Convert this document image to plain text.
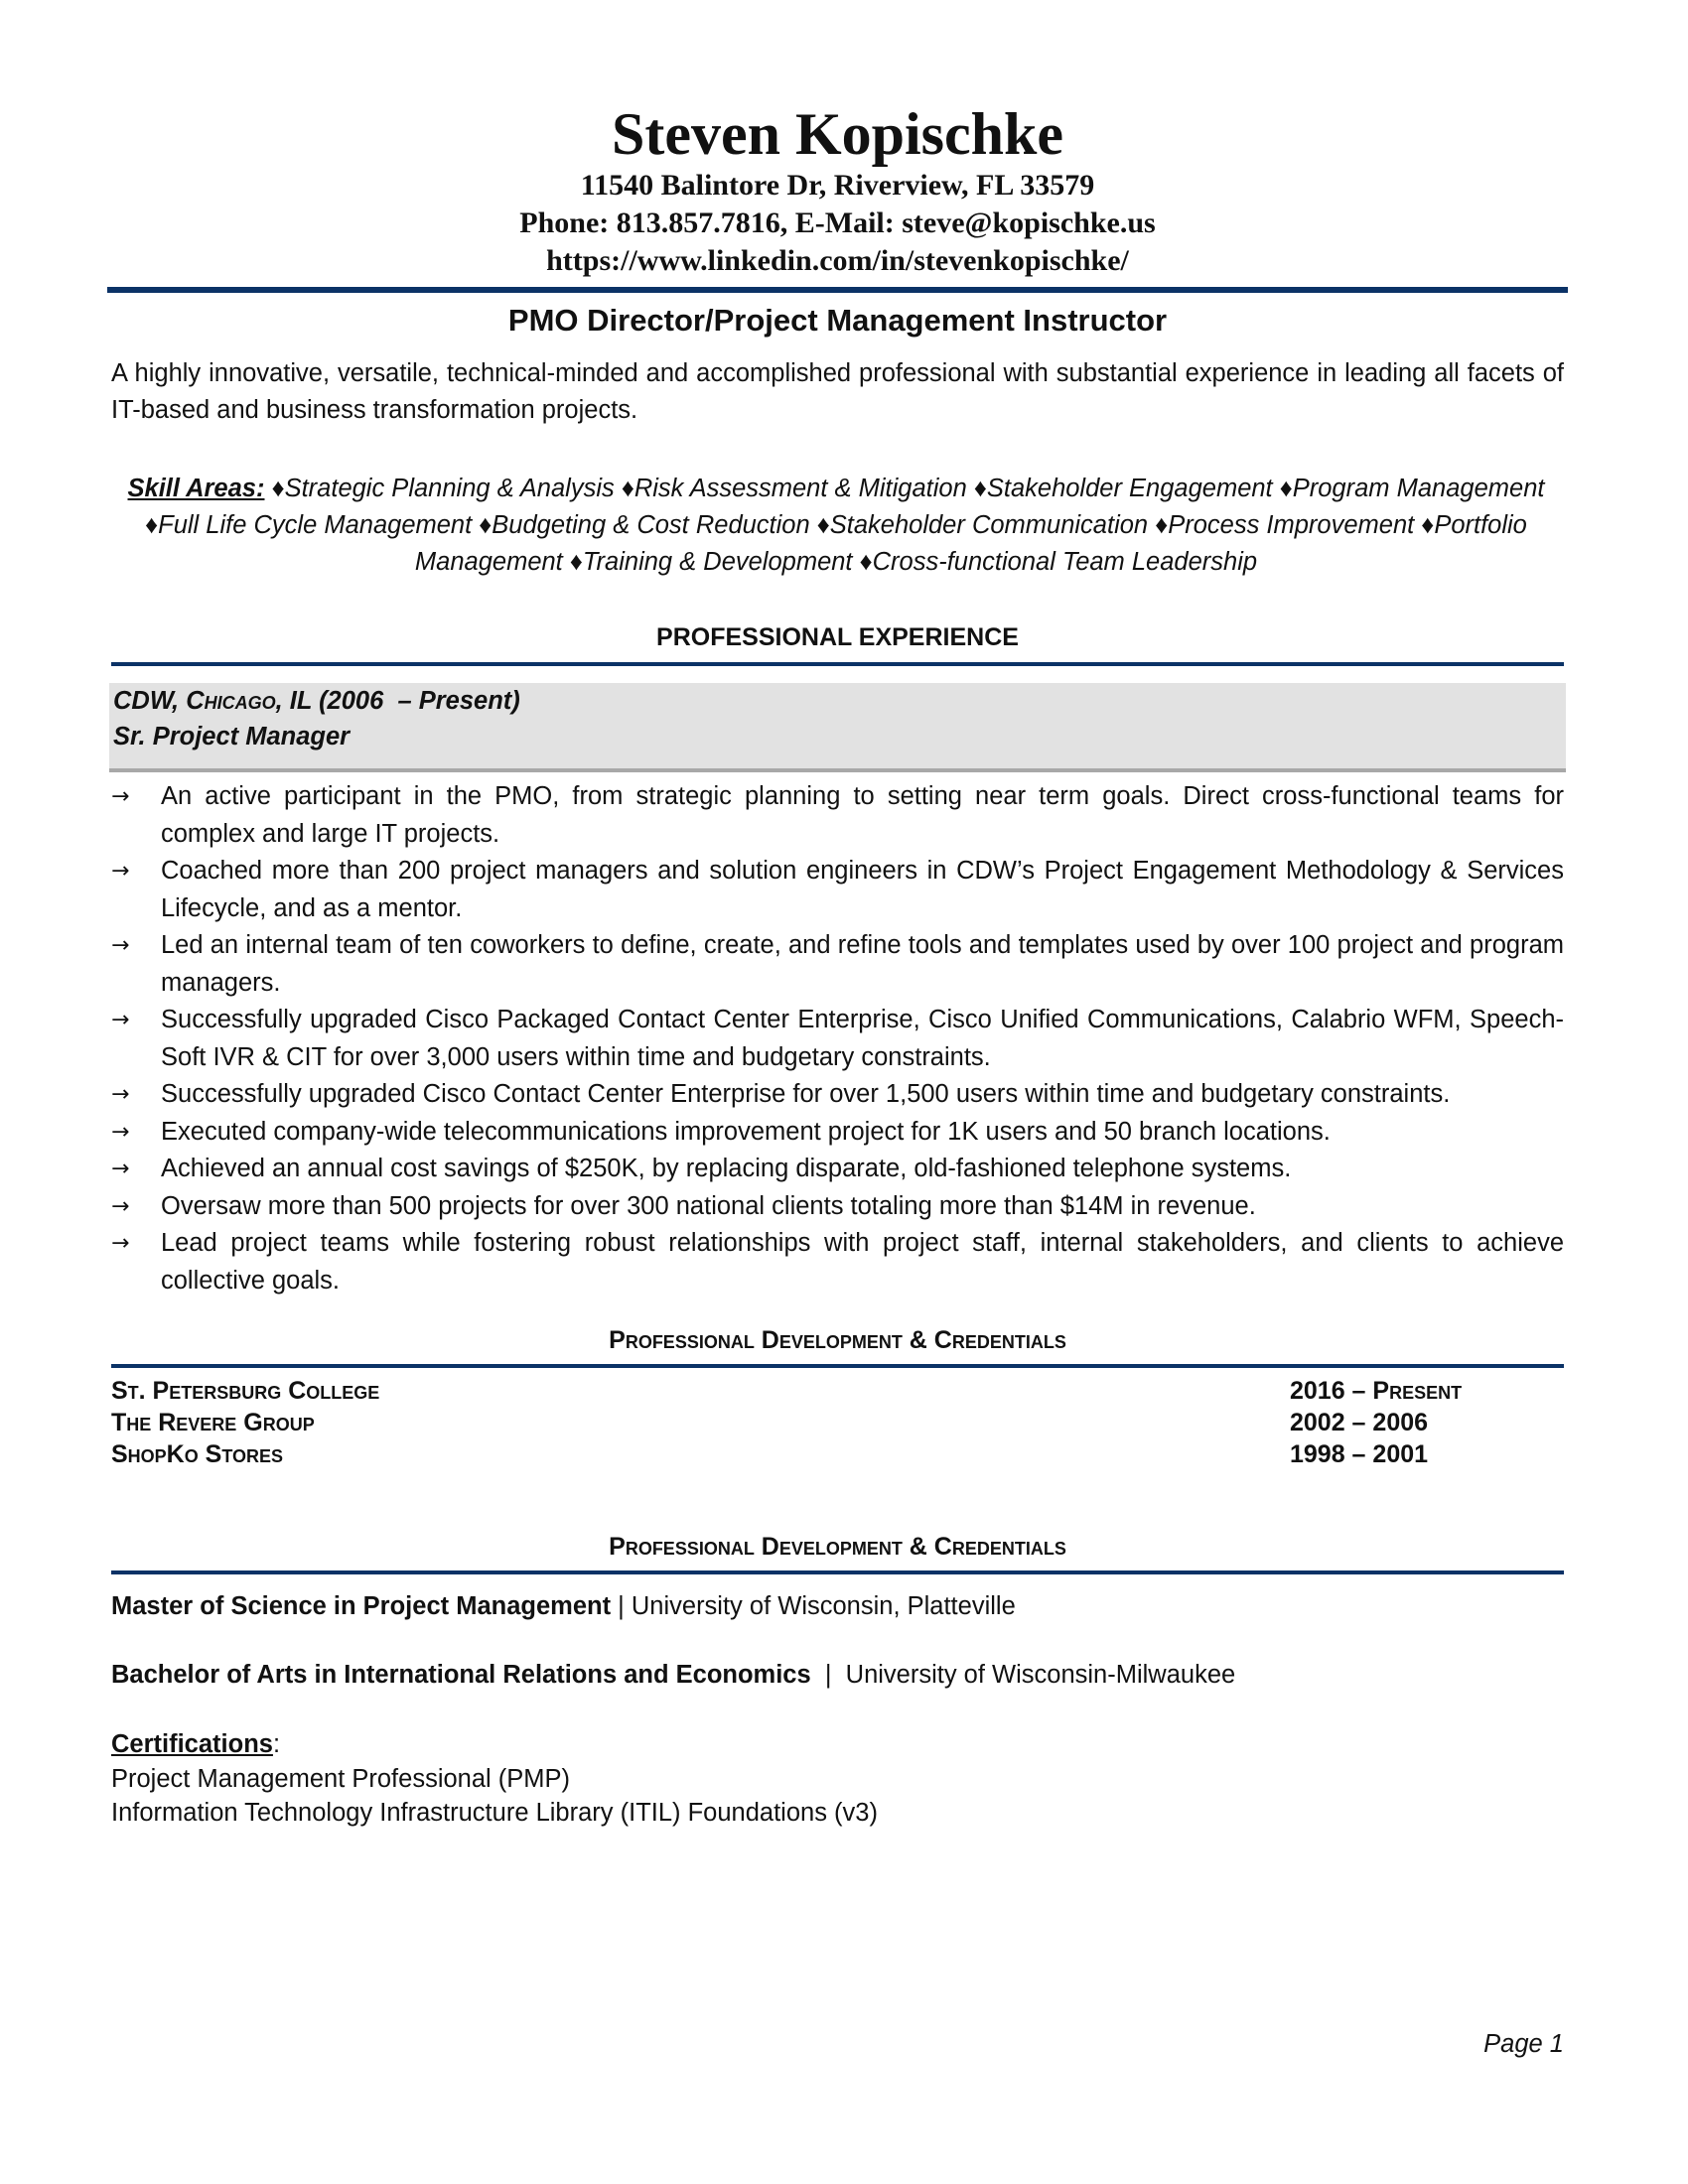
Steven Kopischke
11540 Balintore Dr, Riverview, FL 33579
Phone: 813.857.7816, E-Mail: steve@kopischke.us
https://www.linkedin.com/in/stevenkopischke/
PMO Director/Project Management Instructor
A highly innovative, versatile, technical-minded and accomplished professional with substantial experience in leading all facets of IT-based and business transformation projects.
Skill Areas: ♦Strategic Planning & Analysis ♦Risk Assessment & Mitigation ♦Stakeholder Engagement ♦Program Management ♦Full Life Cycle Management ♦Budgeting & Cost Reduction ♦Stakeholder Communication ♦Process Improvement ♦Portfolio Management ♦Training & Development ♦Cross-functional Team Leadership
PROFESSIONAL EXPERIENCE
CDW, Chicago, IL (2006  – Present)
Sr. Project Manager
→ An active participant in the PMO, from strategic planning to setting near term goals. Direct cross-functional teams for complex and large IT projects.
→ Coached more than 200 project managers and solution engineers in CDW’s Project Engagement Methodology & Services Lifecycle, and as a mentor.
→ Led an internal team of ten coworkers to define, create, and refine tools and templates used by over 100 project and program managers.
→ Successfully upgraded Cisco Packaged Contact Center Enterprise, Cisco Unified Communications, Calabrio WFM, Speech-Soft IVR & CIT for over 3,000 users within time and budgetary constraints.
→ Successfully upgraded Cisco Contact Center Enterprise for over 1,500 users within time and budgetary constraints.
→ Executed company-wide telecommunications improvement project for 1K users and 50 branch locations.
→ Achieved an annual cost savings of $250K, by replacing disparate, old-fashioned telephone systems.
→ Oversaw more than 500 projects for over 300 national clients totaling more than $14M in revenue.
→ Lead project teams while fostering robust relationships with project staff, internal stakeholders, and clients to achieve collective goals.
Professional Development & Credentials
St. Petersburg College	2016 – Present
The Revere Group	2002 – 2006
ShopKo Stores	1998 – 2001
Professional Development & Credentials
Master of Science in Project Management | University of Wisconsin, Platteville
Bachelor of Arts in International Relations and Economics  |  University of Wisconsin-Milwaukee
Certifications:
Project Management Professional (PMP)
Information Technology Infrastructure Library (ITIL) Foundations (v3)
Page 1
